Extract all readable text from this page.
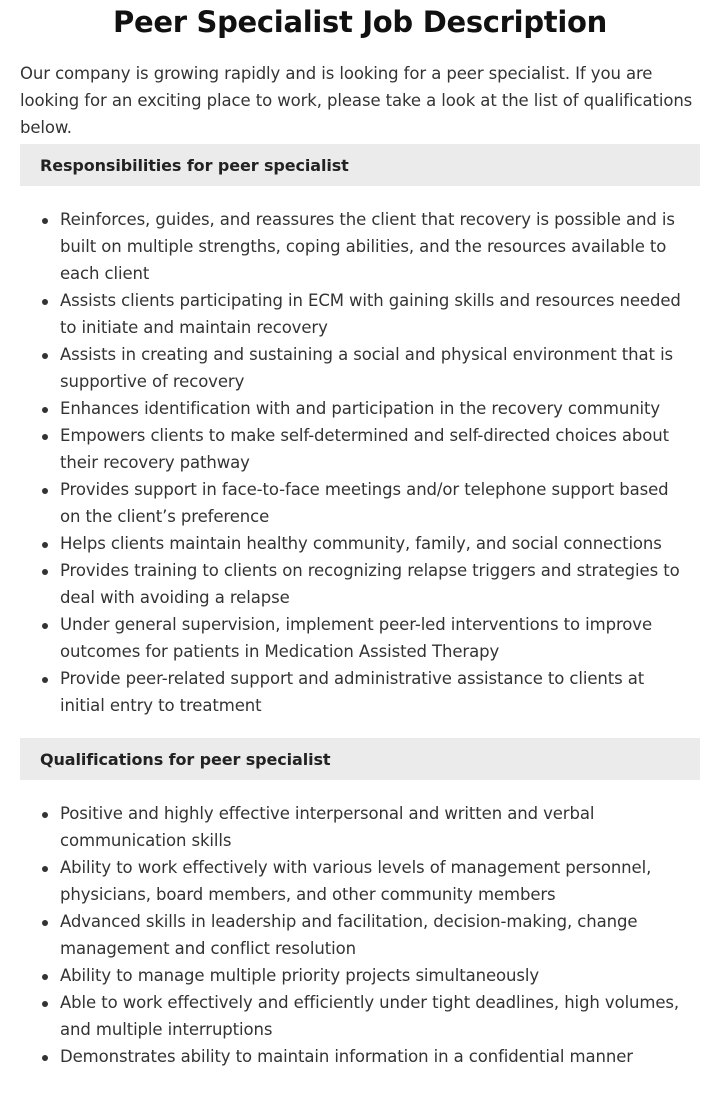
Peer Specialist Job Description

Our company is growing rapidly and is looking for a peer specialist. If you are looking for an exciting place to work, please take a look at the list of qualifications below.

Responsibilities for peer specialist
Reinforces, guides, and reassures the client that recovery is possible and is built on multiple strengths, coping abilities, and the resources available to each client
Assists clients participating in ECM with gaining skills and resources needed to initiate and maintain recovery
Assists in creating and sustaining a social and physical environment that is supportive of recovery
Enhances identification with and participation in the recovery community
Empowers clients to make self-determined and self-directed choices about their recovery pathway
Provides support in face-to-face meetings and/or telephone support based on the client’s preference
Helps clients maintain healthy community, family, and social connections
Provides training to clients on recognizing relapse triggers and strategies to deal with avoiding a relapse
Under general supervision, implement peer-led interventions to improve outcomes for patients in Medication Assisted Therapy
Provide peer-related support and administrative assistance to clients at initial entry to treatment
Qualifications for peer specialist
Positive and highly effective interpersonal and written and verbal communication skills
Ability to work effectively with various levels of management personnel, physicians, board members, and other community members
Advanced skills in leadership and facilitation, decision-making, change management and conflict resolution
Ability to manage multiple priority projects simultaneously
Able to work effectively and efficiently under tight deadlines, high volumes, and multiple interruptions
Demonstrates ability to maintain information in a confidential manner
